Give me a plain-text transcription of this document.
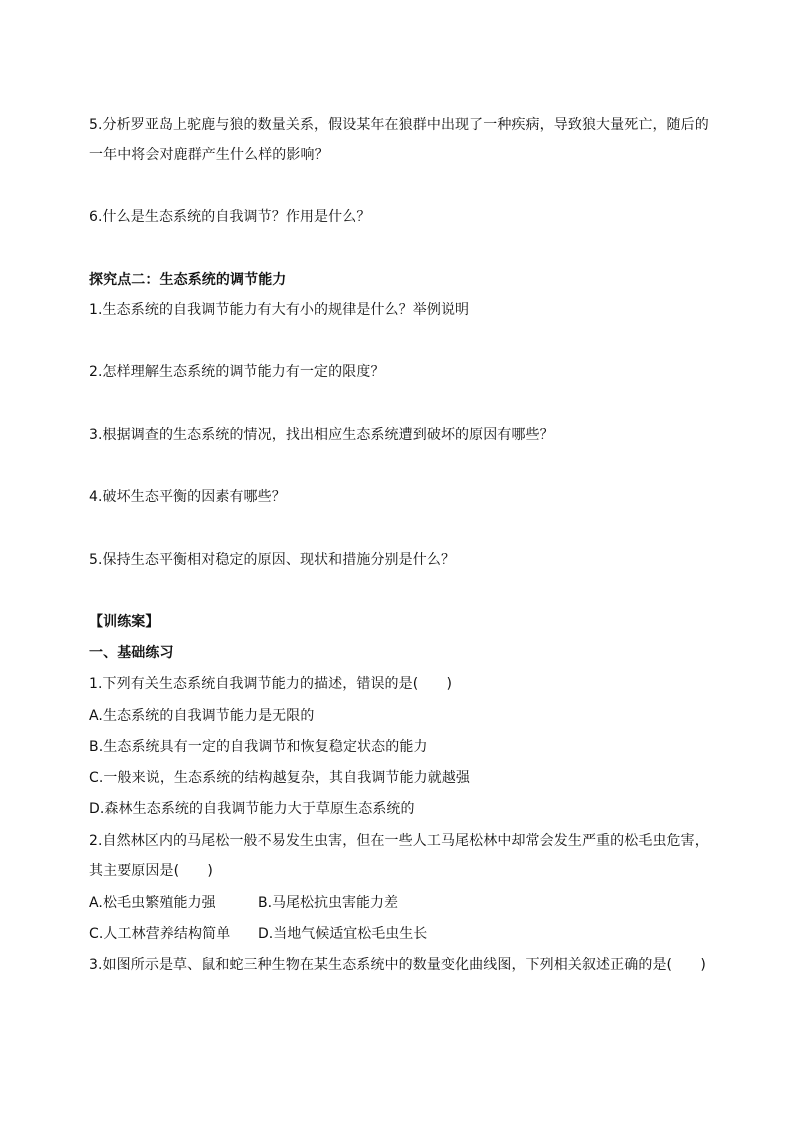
5.分析罗亚岛上驼鹿与狼的数量关系，假设某年在狼群中出现了一种疾病，导致狼大量死亡，随后的
一年中将会对鹿群产生什么样的影响？
6.什么是生态系统的自我调节？作用是什么？
探究点二：生态系统的调节能力
1.生态系统的自我调节能力有大有小的规律是什么？举例说明
2.怎样理解生态系统的调节能力有一定的限度？
3.根据调查的生态系统的情况，找出相应生态系统遭到破坏的原因有哪些？
4.破坏生态平衡的因素有哪些？
5.保持生态平衡相对稳定的原因、现状和措施分别是什么？
【训练案】
一、基础练习
1.下列有关生态系统自我调节能力的描述，错误的是(　　)
A.生态系统的自我调节能力是无限的
B.生态系统具有一定的自我调节和恢复稳定状态的能力
C.一般来说，生态系统的结构越复杂，其自我调节能力就越强
D.森林生态系统的自我调节能力大于草原生态系统的
2.自然林区内的马尾松一般不易发生虫害，但在一些人工马尾松林中却常会发生严重的松毛虫危害，
其主要原因是(　　)
A.松毛虫繁殖能力强	B.马尾松抗虫害能力差
C.人工林营养结构简单 D.当地气候适宜松毛虫生长
3.如图所示是草、鼠和蛇三种生物在某生态系统中的数量变化曲线图，下列相关叙述正确的是(　　)
